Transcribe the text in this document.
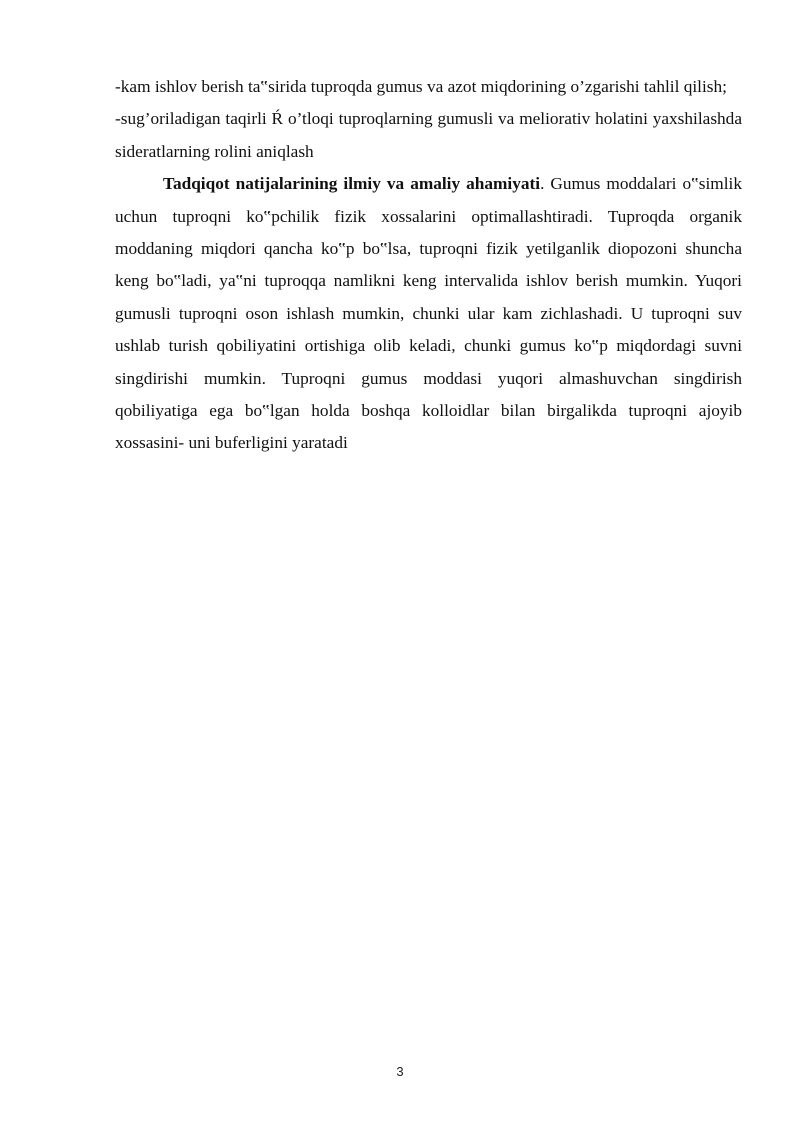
-kam ishlov berish ta‟sirida tuproqda gumus va azot miqdorining o’zgarishi tahlil qilish;

-sug’oriladigan taqirli Ŕ o’tloqi tuproqlarning gumusli va meliorativ holatini yaxshilashda sideratlarning rolini aniqlash

Tadqiqot natijalarining ilmiy va amaliy ahamiyati. Gumus moddalari o‟simlik uchun tuproqni ko‟pchilik fizik xossalarini optimallashtiradi. Tuproqda organik moddaning miqdori qancha ko‟p bo‟lsa, tuproqni fizik yetilganlik diopozoni shuncha keng bo‟ladi, ya‟ni tuproqqa namlikni keng intervalida ishlov berish mumkin. Yuqori gumusli tuproqni oson ishlash mumkin, chunki ular kam zichlashadi. U tuproqni suv ushlab turish qobiliyatini ortishiga olib keladi, chunki gumus ko‟p miqdordagi suvni singdirishi mumkin. Tuproqni gumus moddasi yuqori almashuvchan singdirish qobiliyatiga ega bo‟lgan holda boshqa kolloidlar bilan birgalikda tuproqni ajoyib xossasini- uni buferligini yaratadi

3
